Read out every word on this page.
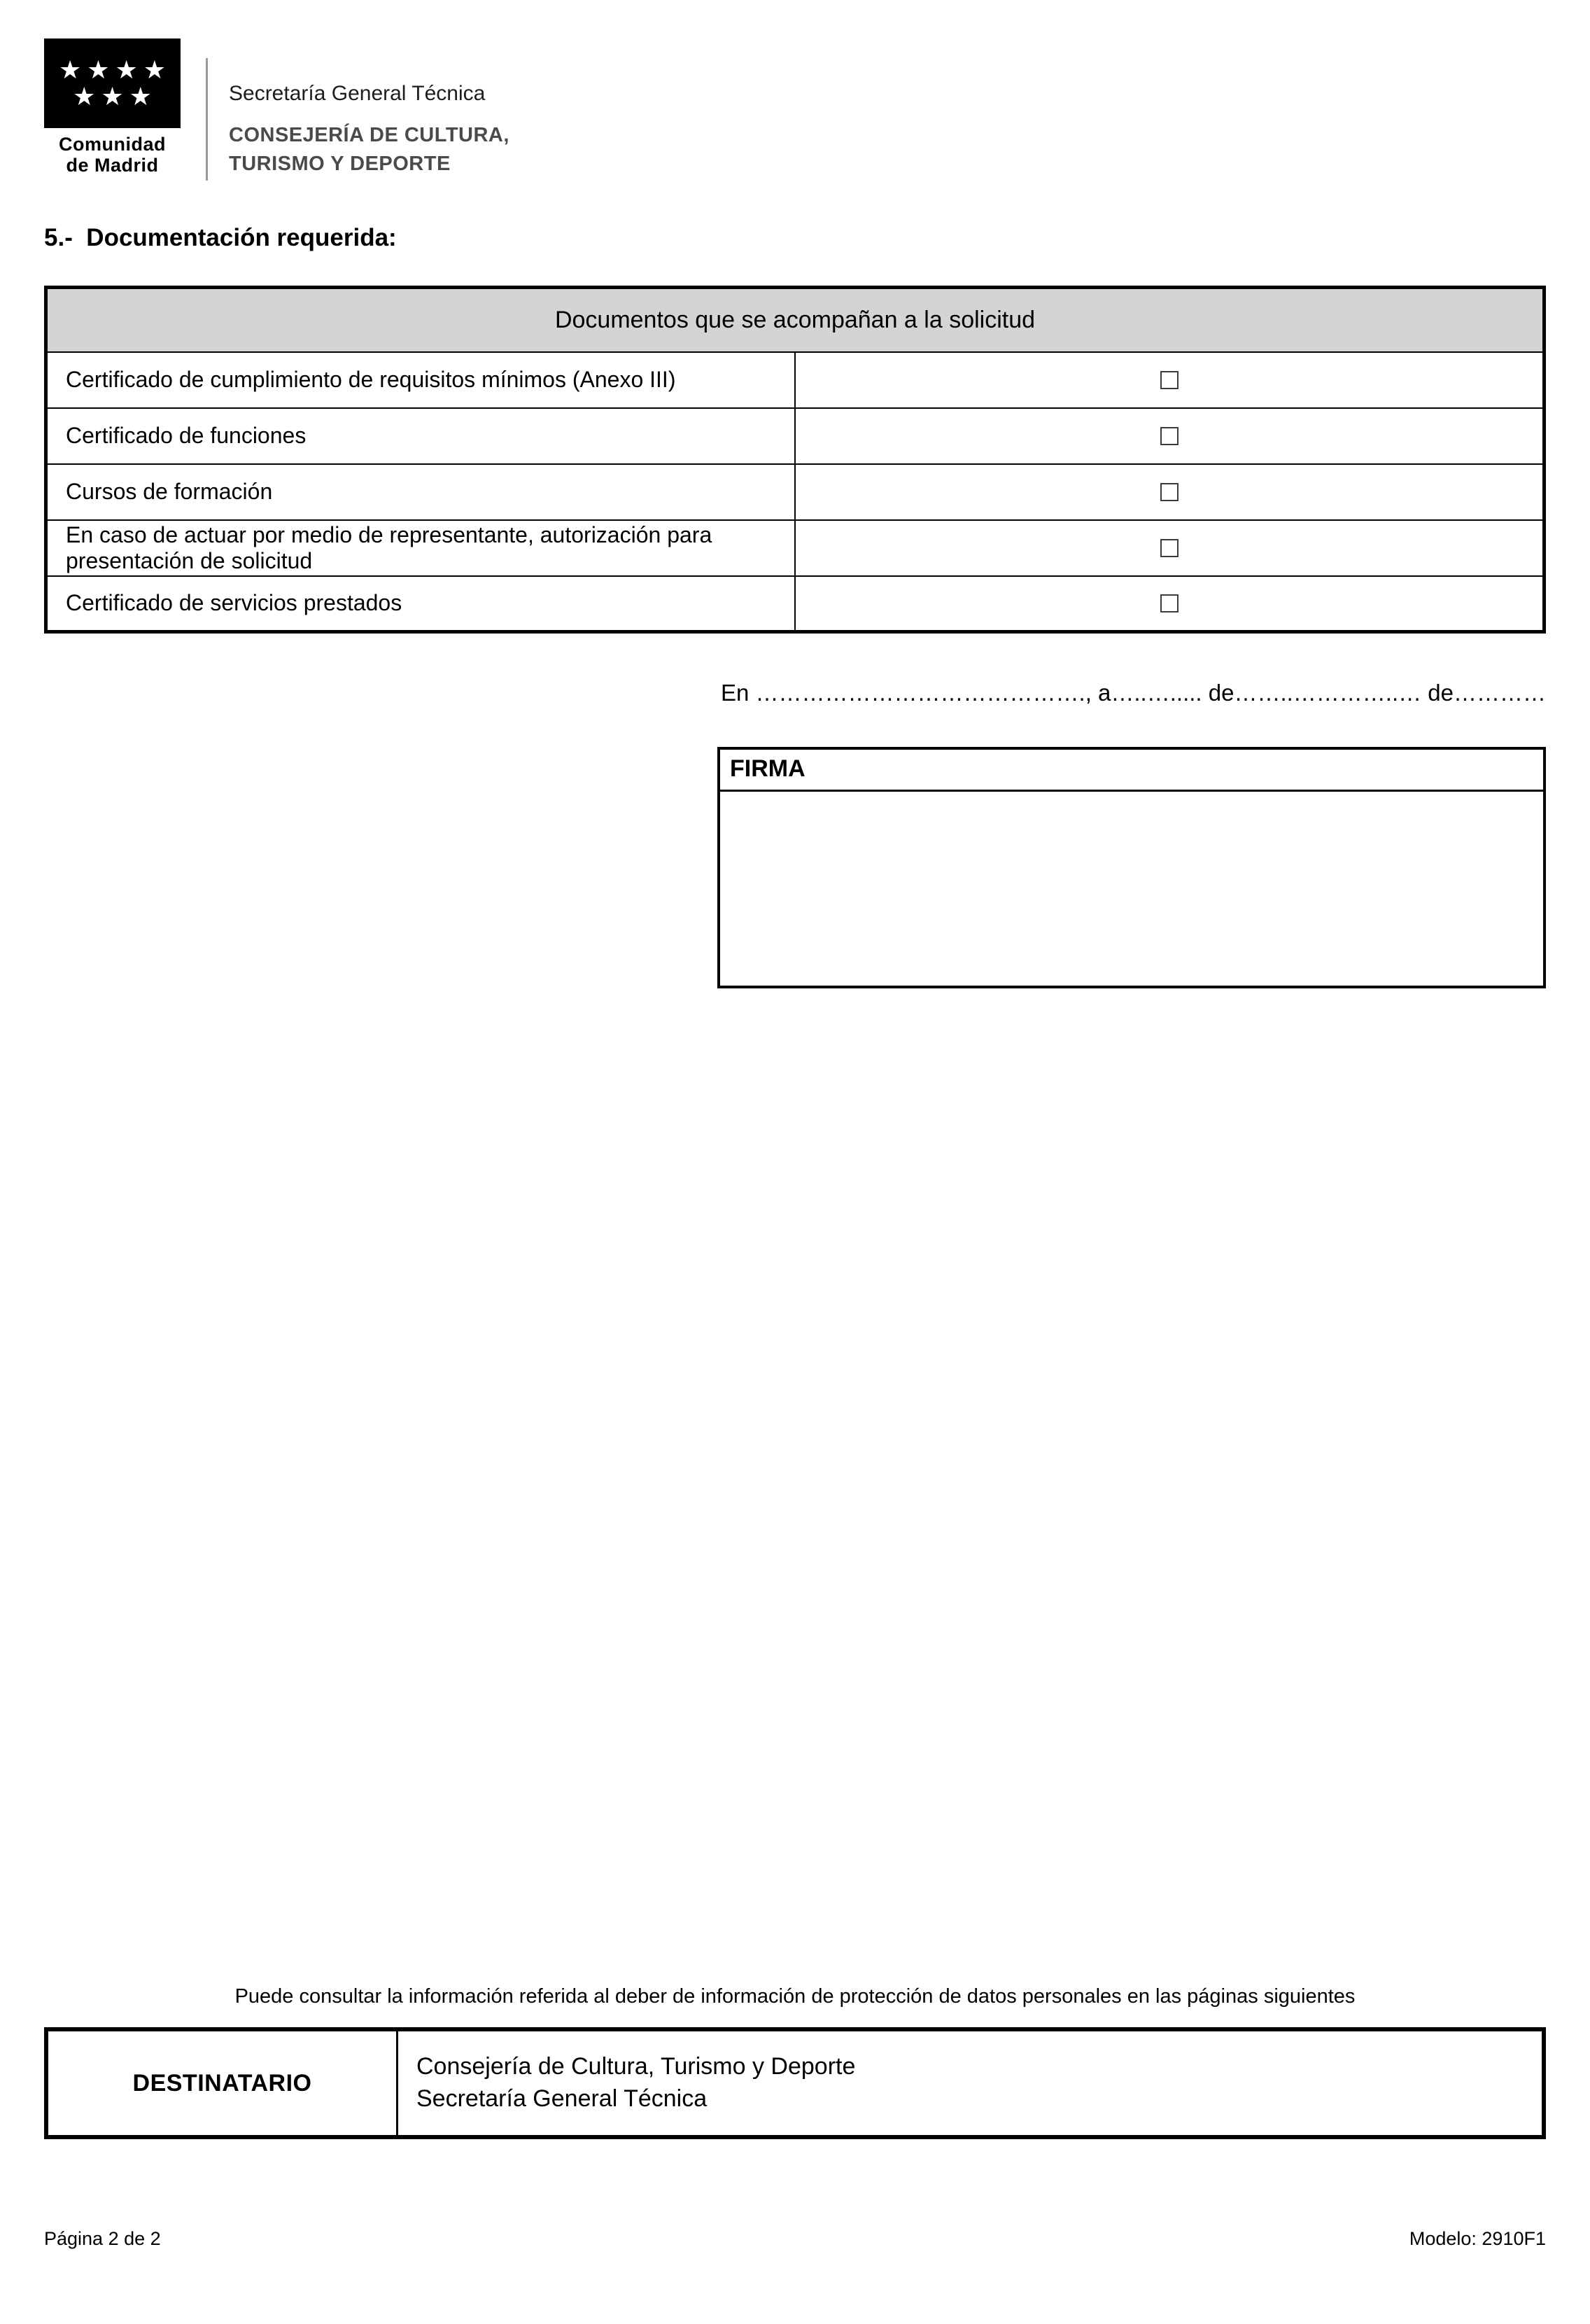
★★★★
★★★
Comunidad
de Madrid
Secretaría General Técnica
CONSEJERÍA DE CULTURA,
TURISMO Y DEPORTE
5.-  Documentación requerida:
Documentos que se acompañan a la solicitud	
Certificado de cumplimiento de requisitos mínimos (Anexo III)	
Certificado de funciones	
Cursos de formación	
En caso de actuar por medio de representante, autorización para presentación de solicitud	
Certificado de servicios prestados	
En ……………………………………., a…..…..... de……..…………..… de…………
FIRMA
Puede consultar la información referida al deber de información de protección de datos personales en las páginas siguientes
DESTINATARIO
Consejería de Cultura, Turismo y Deporte
Secretaría General Técnica
Página 2 de 2	Modelo: 2910F1
